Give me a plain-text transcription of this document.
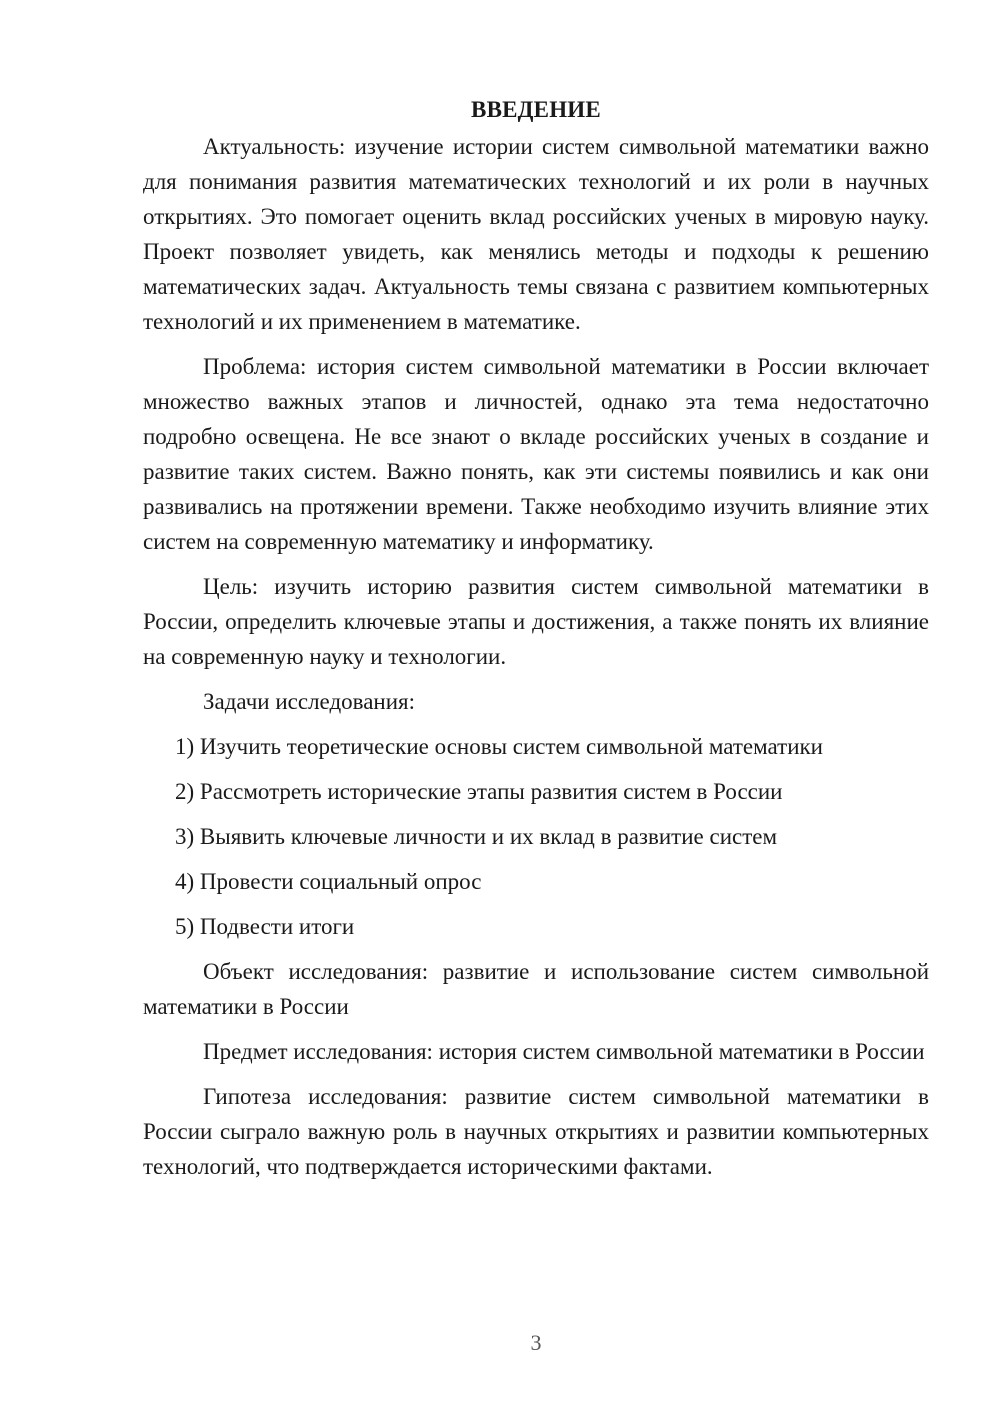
ВВЕДЕНИЕ

Актуальность: изучение истории систем символьной математики важно для понимания развития математических технологий и их роли в научных открытиях. Это помогает оценить вклад российских ученых в мировую науку. Проект позволяет увидеть, как менялись методы и подходы к решению математических задач. Актуальность темы связана с развитием компьютерных технологий и их применением в математике.

Проблема: история систем символьной математики в России включает множество важных этапов и личностей, однако эта тема недостаточно подробно освещена. Не все знают о вкладе российских ученых в создание и развитие таких систем. Важно понять, как эти системы появились и как они развивались на протяжении времени. Также необходимо изучить влияние этих систем на современную математику и информатику.

Цель: изучить историю развития систем символьной математики в России, определить ключевые этапы и достижения, а также понять их влияние на современную науку и технологии.

Задачи исследования:

1) Изучить теоретические основы систем символьной математики
2) Рассмотреть исторические этапы развития систем в России
3) Выявить ключевые личности и их вклад в развитие систем
4) Провести социальный опрос
5) Подвести итоги

Объект исследования: развитие и использование систем символьной математики в России

Предмет исследования: история систем символьной математики в России

Гипотеза исследования: развитие систем символьной математики в России сыграло важную роль в научных открытиях и развитии компьютерных технологий, что подтверждается историческими фактами.

3
